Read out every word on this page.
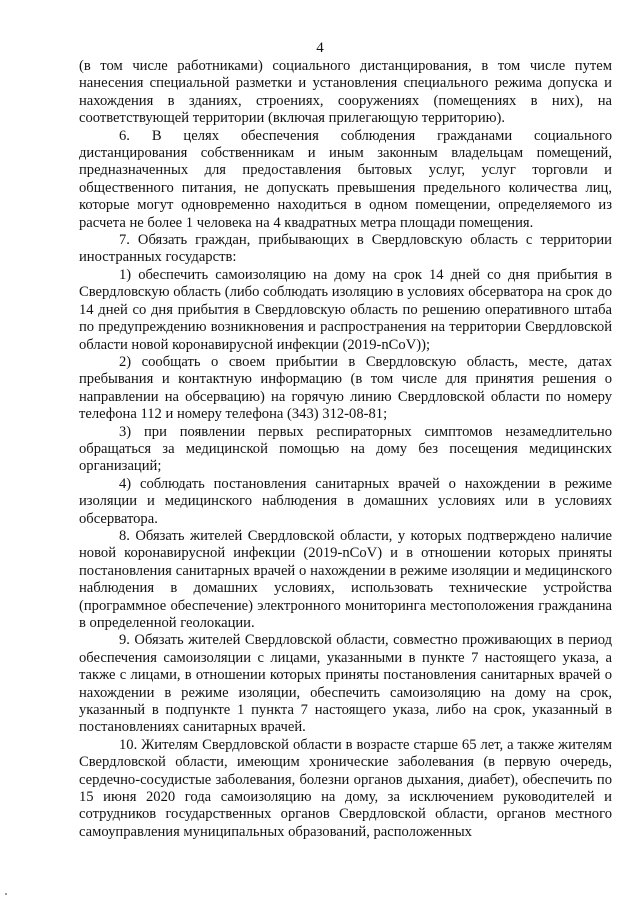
4

(в том числе работниками) социального дистанцирования, в том числе путем нанесения специальной разметки и установления специального режима допуска и нахождения в зданиях, строениях, сооружениях (помещениях в них), на соответствующей территории (включая прилегающую территорию).

6. В целях обеспечения соблюдения гражданами социального дистанцирования собственникам и иным законным владельцам помещений, предназначенных для предоставления бытовых услуг, услуг торговли и общественного питания, не допускать превышения предельного количества лиц, которые могут одновременно находиться в одном помещении, определяемого из расчета не более 1 человека на 4 квадратных метра площади помещения.

7. Обязать граждан, прибывающих в Свердловскую область с территории иностранных государств:

1) обеспечить самоизоляцию на дому на срок 14 дней со дня прибытия в Свердловскую область (либо соблюдать изоляцию в условиях обсерватора на срок до 14 дней со дня прибытия в Свердловскую область по решению оперативного штаба по предупреждению возникновения и распространения на территории Свердловской области новой коронавирусной инфекции (2019-nCoV));

2) сообщать о своем прибытии в Свердловскую область, месте, датах пребывания и контактную информацию (в том числе для принятия решения о направлении на обсервацию) на горячую линию Свердловской области по номеру телефона 112 и номеру телефона (343) 312-08-81;

3) при появлении первых респираторных симптомов незамедлительно обращаться за медицинской помощью на дому без посещения медицинских организаций;

4) соблюдать постановления санитарных врачей о нахождении в режиме изоляции и медицинского наблюдения в домашних условиях или в условиях обсерватора.

8. Обязать жителей Свердловской области, у которых подтверждено наличие новой коронавирусной инфекции (2019-nCoV) и в отношении которых приняты постановления санитарных врачей о нахождении в режиме изоляции и медицинского наблюдения в домашних условиях, использовать технические устройства (программное обеспечение) электронного мониторинга местоположения гражданина в определенной геолокации.

9. Обязать жителей Свердловской области, совместно проживающих в период обеспечения самоизоляции с лицами, указанными в пункте 7 настоящего указа, а также с лицами, в отношении которых приняты постановления санитарных врачей о нахождении в режиме изоляции, обеспечить самоизоляцию на дому на срок, указанный в подпункте 1 пункта 7 настоящего указа, либо на срок, указанный в постановлениях санитарных врачей.

10. Жителям Свердловской области в возрасте старше 65 лет, а также жителям Свердловской области, имеющим хронические заболевания (в первую очередь, сердечно-сосудистые заболевания, болезни органов дыхания, диабет), обеспечить по 15 июня 2020 года самоизоляцию на дому, за исключением руководителей и сотрудников государственных органов Свердловской области, органов местного самоуправления муниципальных образований, расположенных
